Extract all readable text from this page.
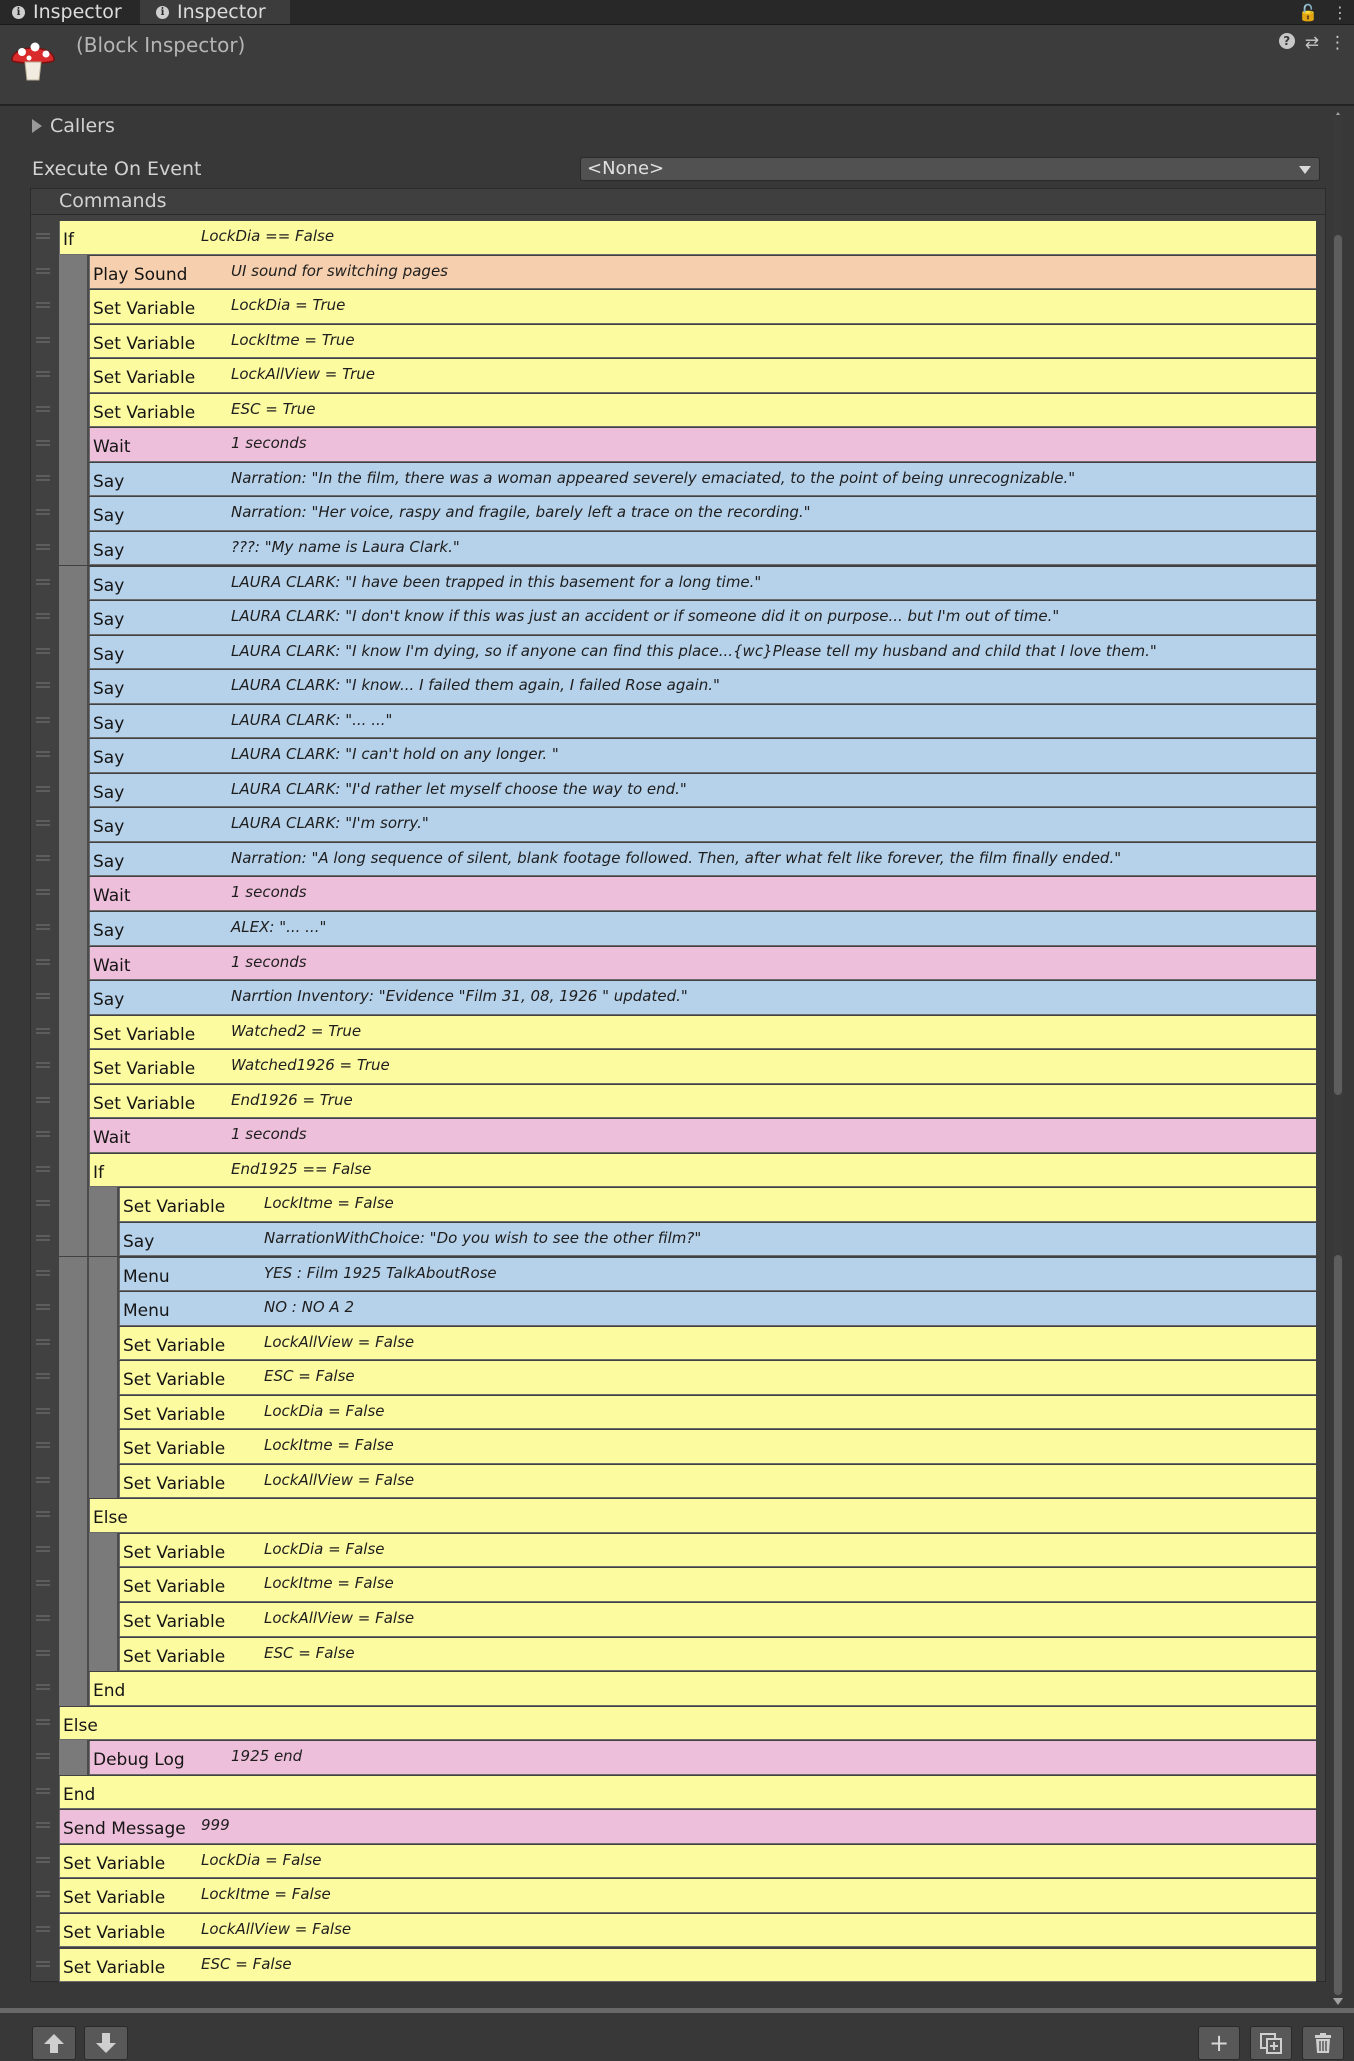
i Inspector	i Inspector	🔓 ⋮
(Block Inspector)	? ⇄ ⋮
Callers
Execute On Event	<None>
Commands
If	LockDia == False
Play Sound	UI sound for switching pages
Set Variable LockDia = True
Set Variable LockItme = True
Set Variable LockAllView = True
Set Variable ESC = True
Wait	1 seconds
Say	Narration: "In the film, there was a woman appeared severely emaciated, to the point of being unrecognizable."
Say	Narration: "Her voice, raspy and fragile, barely left a trace on the recording."
Say	???: "My name is Laura Clark."
Say	LAURA CLARK: "I have been trapped in this basement for a long time."
Say	LAURA CLARK: "I don't know if this was just an accident or if someone did it on purpose... but I'm out of time."
Say	LAURA CLARK: "I know I'm dying, so if anyone can find this place...{wc}Please tell my husband and child that I love them."
Say	LAURA CLARK: "I know... I failed them again, I failed Rose again."
Say	LAURA CLARK: "... ..."
Say	LAURA CLARK: "I can't hold on any longer. "
Say	LAURA CLARK: "I'd rather let myself choose the way to end."
Say	LAURA CLARK: "I'm sorry."
Say	Narration: "A long sequence of silent, blank footage followed. Then, after what felt like forever, the film finally ended."
Wait	1 seconds
Say	ALEX: "... ..."
Wait	1 seconds
Say	Narrtion Inventory: "Evidence "Film 31, 08, 1926 " updated."
Set Variable Watched2 = True
Set Variable Watched1926 = True
Set Variable End1926 = True
Wait	1 seconds
If	End1925 == False
Set Variable	LockItme = False
Say	NarrationWithChoice: "Do you wish to see the other film?"
Menu	YES : Film 1925 TalkAboutRose
Menu	NO : NO A 2
Set Variable	LockAllView = False
Set Variable	ESC = False
Set Variable	LockDia = False
Set Variable	LockItme = False
Set Variable	LockAllView = False
Else
Set Variable	LockDia = False
Set Variable	LockItme = False
Set Variable	LockAllView = False
Set Variable	ESC = False
End
Else
Debug Log	1925 end
End
Send Message 999
Set Variable LockDia = False
Set Variable LockItme = False
Set Variable LockAllView = False
Set Variable ESC = False
+
